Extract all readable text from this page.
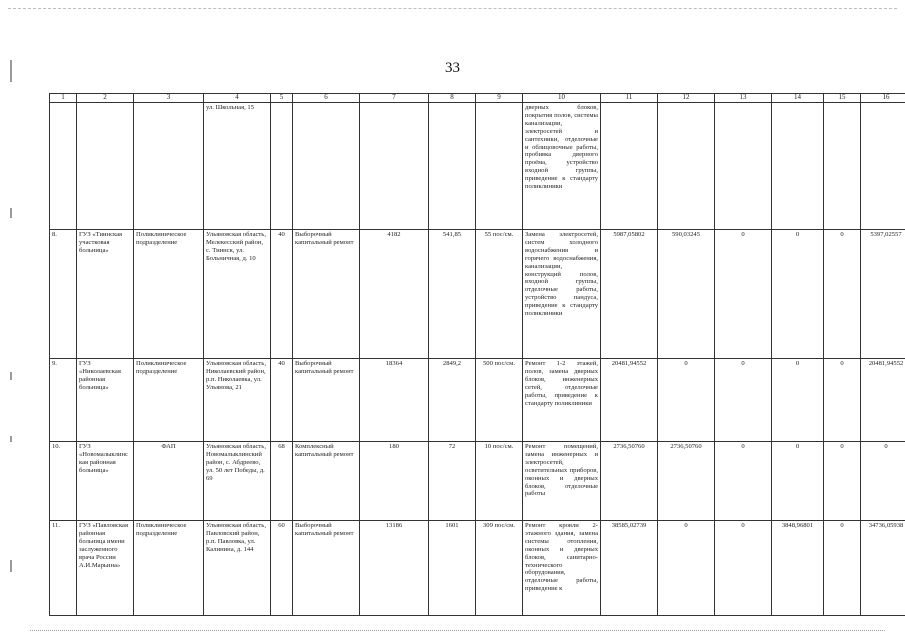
33
1	2	3	4	5	6	7	8	9	10	11	12	13	14	15	16
			ул. Школьная, 15						дверных блоков, покрытия полов, системы канализации, электросетей и сантехники, отделочные и облицовочные работы, пробивка дверного проёма, устройство входной группы, приведение к стандарту поликлиники						
8.	ГУЗ «Тиинская участковая больница»	Поликлиническое подразделение	Ульяновская область, Мелекесский район, с. Тиинск, ул. Больничная, д. 10	40	Выборочный капитальный ремонт	4182	541,85	55 пос/см.	Замена электросетей, систем холодного водоснабжения и горячего водоснабжения, канализации, конструкций полов, входной группы, отделочные работы, устройство пандуса, приведение к стандарту поликлиники	5987,05802	590,03245	0	0	0	5397,02557
9.	ГУЗ «Николаевская районная больница»	Поликлиническое подразделение	Ульяновская область, Николаевский район, р.п. Николаевка, ул. Ульянова, 21	40	Выборочный капитальный ремонт	18364	2849,2	500 пос/см.	Ремонт 1-2 этажей, полов, замена дверных блоков, инженерных сетей, отделочные работы, приведение к стандарту поликлиники	20481,94552	0	0	0	0	20481,94552
10.	ГУЗ «Новомалыклинская районная больница»	ФАП	Ульяновская область, Новомалыклинский район, с. Абдреево, ул. 50 лет Победы, д. 69	68	Комплексный капитальный ремонт	180	72	10 пос/см.	Ремонт помещений, замена инженерных и электросетей, осветительных приборов, оконных и дверных блоков, отделочные работы	2736,50760	2736,50760	0	0	0	0
11.	ГУЗ «Павловская районная больница имени заслуженного врача России А.И.Марьина»	Поликлиническое подразделение	Ульяновская область, Павловский район, р.п. Павловка, ул. Калинина, д. 144	60	Выборочный капитальный ремонт	13186	1601	309 пос/см.	Ремонт кровли 2-этажного здания, замена системы отопления, оконных и дверных блоков, санитарно-технического оборудования, отделочные работы, приведение к	38585,02739	0	0	3848,96801	0	34736,05938
